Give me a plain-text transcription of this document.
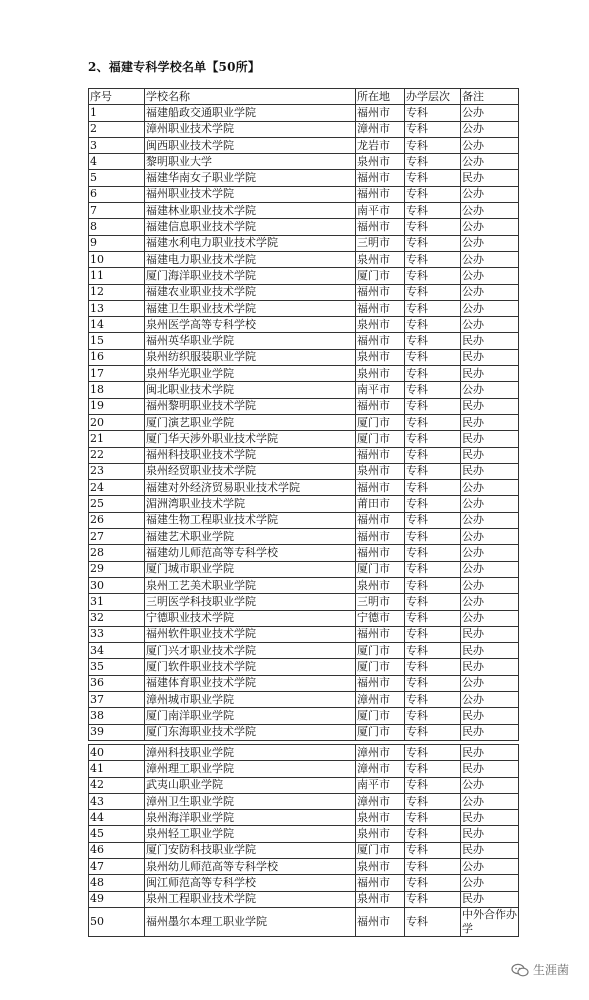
2、福建专科学校名单【50所】
序号	学校名称	所在地	办学层次	备注
1	福建船政交通职业学院	福州市	专科	公办
2	漳州职业技术学院	漳州市	专科	公办
3	闽西职业技术学院	龙岩市	专科	公办
4	黎明职业大学	泉州市	专科	公办
5	福建华南女子职业学院	福州市	专科	民办
6	福州职业技术学院	福州市	专科	公办
7	福建林业职业技术学院	南平市	专科	公办
8	福建信息职业技术学院	福州市	专科	公办
9	福建水利电力职业技术学院	三明市	专科	公办
10	福建电力职业技术学院	泉州市	专科	公办
11	厦门海洋职业技术学院	厦门市	专科	公办
12	福建农业职业技术学院	福州市	专科	公办
13	福建卫生职业技术学院	福州市	专科	公办
14	泉州医学高等专科学校	泉州市	专科	公办
15	福州英华职业学院	福州市	专科	民办
16	泉州纺织服装职业学院	泉州市	专科	民办
17	泉州华光职业学院	泉州市	专科	民办
18	闽北职业技术学院	南平市	专科	公办
19	福州黎明职业技术学院	福州市	专科	民办
20	厦门演艺职业学院	厦门市	专科	民办
21	厦门华天涉外职业技术学院	厦门市	专科	民办
22	福州科技职业技术学院	福州市	专科	民办
23	泉州经贸职业技术学院	泉州市	专科	民办
24	福建对外经济贸易职业技术学院	福州市	专科	公办
25	湄洲湾职业技术学院	莆田市	专科	公办
26	福建生物工程职业技术学院	福州市	专科	公办
27	福建艺术职业学院	福州市	专科	公办
28	福建幼儿师范高等专科学校	福州市	专科	公办
29	厦门城市职业学院	厦门市	专科	公办
30	泉州工艺美术职业学院	泉州市	专科	公办
31	三明医学科技职业学院	三明市	专科	公办
32	宁德职业技术学院	宁德市	专科	公办
33	福州软件职业技术学院	福州市	专科	民办
34	厦门兴才职业技术学院	厦门市	专科	民办
35	厦门软件职业技术学院	厦门市	专科	民办
36	福建体育职业技术学院	福州市	专科	公办
37	漳州城市职业学院	漳州市	专科	公办
38	厦门南洋职业学院	厦门市	专科	民办
39	厦门东海职业技术学院	厦门市	专科	民办
40	漳州科技职业学院	漳州市	专科	民办
41	漳州理工职业学院	漳州市	专科	民办
42	武夷山职业学院	南平市	专科	公办
43	漳州卫生职业学院	漳州市	专科	公办
44	泉州海洋职业学院	泉州市	专科	民办
45	泉州轻工职业学院	泉州市	专科	民办
46	厦门安防科技职业学院	厦门市	专科	民办
47	泉州幼儿师范高等专科学校	泉州市	专科	公办
48	闽江师范高等专科学校	福州市	专科	公办
49	泉州工程职业技术学院	泉州市	专科	民办
50	福州墨尔本理工职业学院	福州市	专科	中外合作办学
生涯菌
